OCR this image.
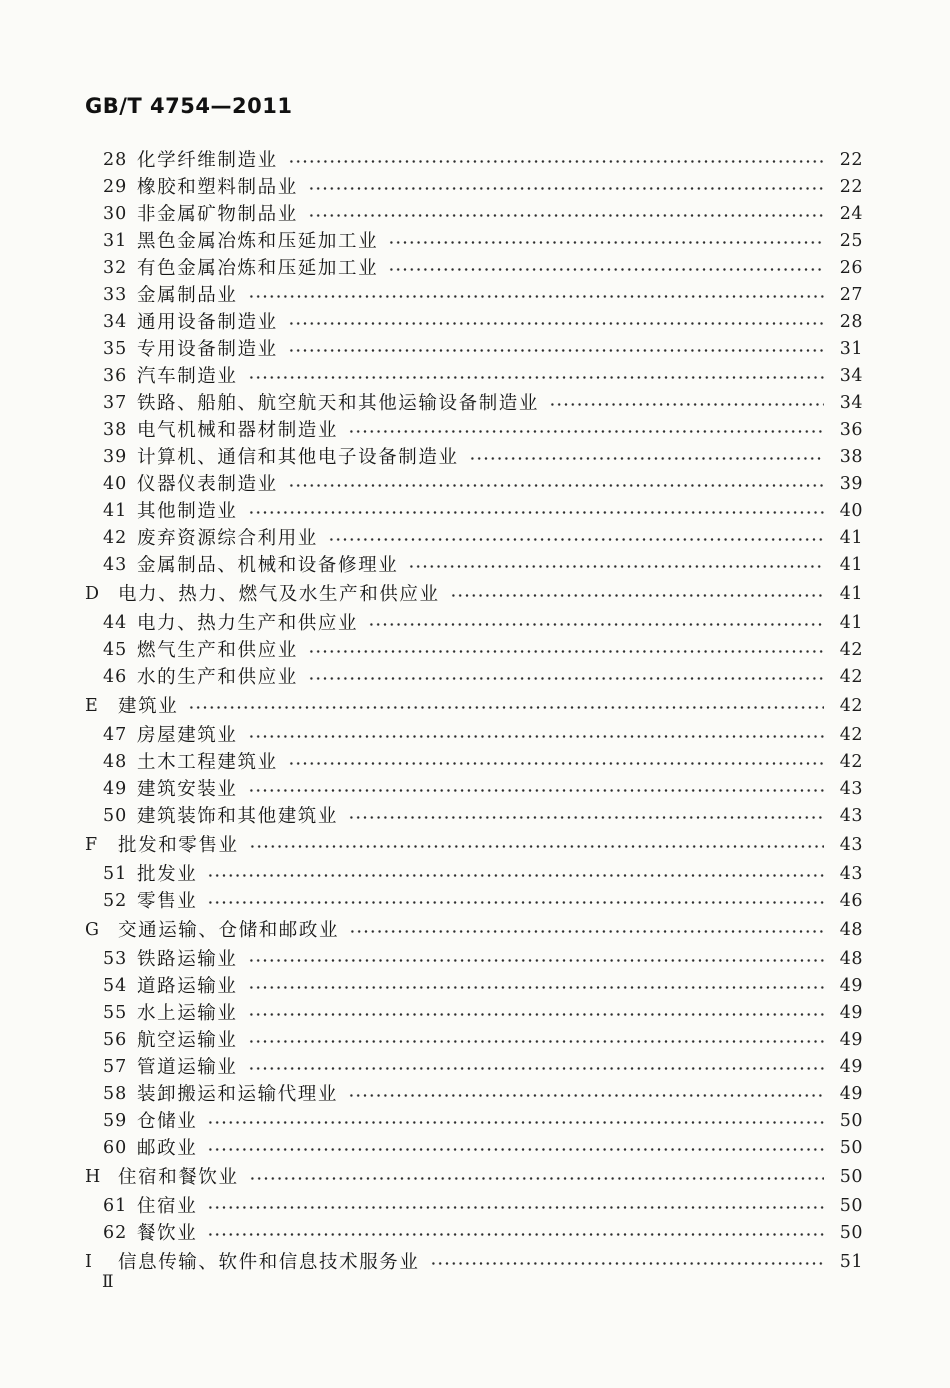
GB/T 4754—2011
28 化学纤维制造业	22
29 橡胶和塑料制品业	22
30 非金属矿物制品业	24
31 黑色金属冶炼和压延加工业	25
32 有色金属冶炼和压延加工业	26
33 金属制品业	27
34 通用设备制造业	28
35 专用设备制造业	31
36 汽车制造业	34
37 铁路、船舶、航空航天和其他运输设备制造业	34
38 电气机械和器材制造业	36
39 计算机、通信和其他电子设备制造业	38
40 仪器仪表制造业	39
41 其他制造业	40
42 废弃资源综合利用业	41
43 金属制品、机械和设备修理业	41
D 电力、热力、燃气及水生产和供应业	41
44 电力、热力生产和供应业	41
45 燃气生产和供应业	42
46 水的生产和供应业	42
E	建筑业	42
47 房屋建筑业	42
48 土木工程建筑业	42
49 建筑安装业	43
50 建筑装饰和其他建筑业	43
F	批发和零售业	43
51 批发业	43
52 零售业	46
G 交通运输、仓储和邮政业	48
53 铁路运输业	48
54 道路运输业	49
55 水上运输业	49
56 航空运输业	49
57 管道运输业	49
58 装卸搬运和运输代理业	49
59 仓储业	50
60 邮政业	50
H 住宿和餐饮业	50
61 住宿业	50
62 餐饮业	50
I	信息传输、软件和信息技术服务业	51
Ⅱ
